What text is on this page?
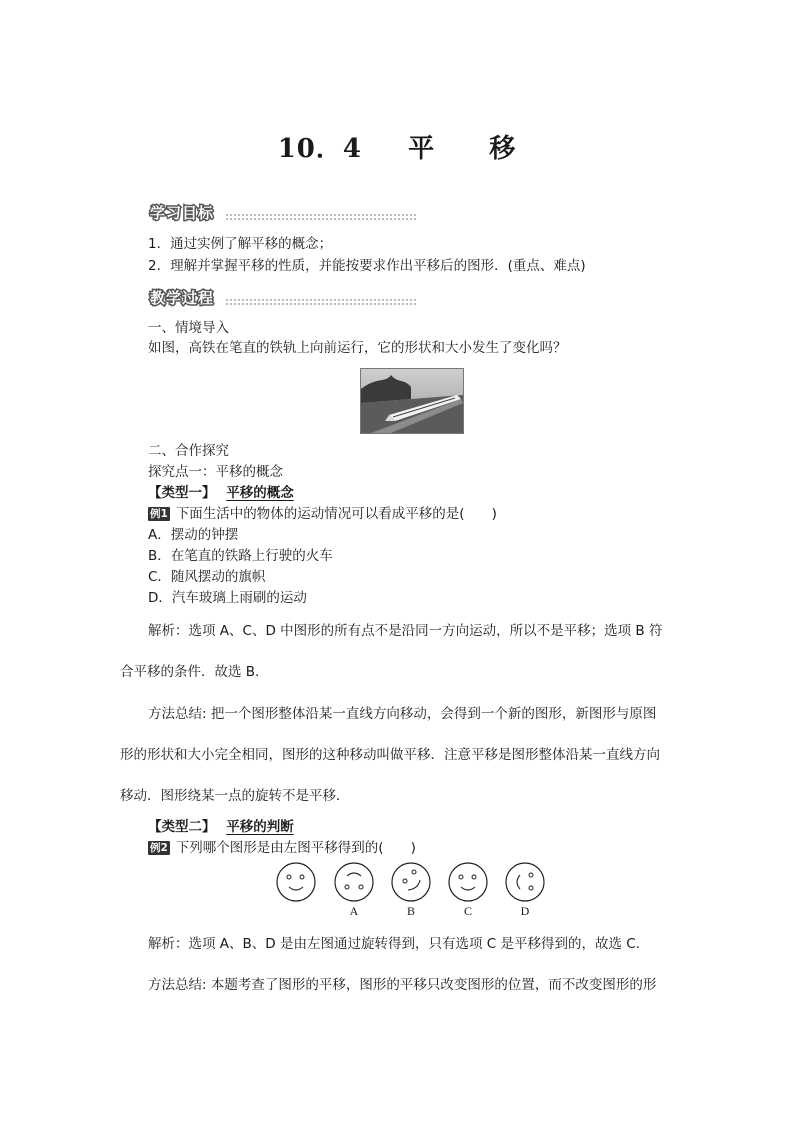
10．4 平 移
学习目标
1．通过实例了解平移的概念；
2．理解并掌握平移的性质，并能按要求作出平移后的图形．(重点、难点)
教学过程
一、情境导入
如图，高铁在笔直的铁轨上向前运行，它的形状和大小发生了变化吗？
二、合作探究
探究点一：平移的概念
【类型一】 平移的概念
例1 下面生活中的物体的运动情况可以看成平移的是(　　)
A．摆动的钟摆
B．在笔直的铁路上行驶的火车
C．随风摆动的旗帜
D．汽车玻璃上雨刷的运动
解析：选项 A、C、D 中图形的所有点不是沿同一方向运动，所以不是平移；选项 B 符
合平移的条件．故选 B.
方法总结: 把一个图形整体沿某一直线方向移动，会得到一个新的图形，新图形与原图
形的形状和大小完全相同，图形的这种移动叫做平移．注意平移是图形整体沿某一直线方向
移动．图形绕某一点的旋转不是平移．
【类型二】 平移的判断
例2 下列哪个图形是由左图平移得到的(　　)
A	B	C	D
解析：选项 A、B、D 是由左图通过旋转得到，只有选项 C 是平移得到的，故选 C.
方法总结: 本题考查了图形的平移，图形的平移只改变图形的位置，而不改变图形的形
